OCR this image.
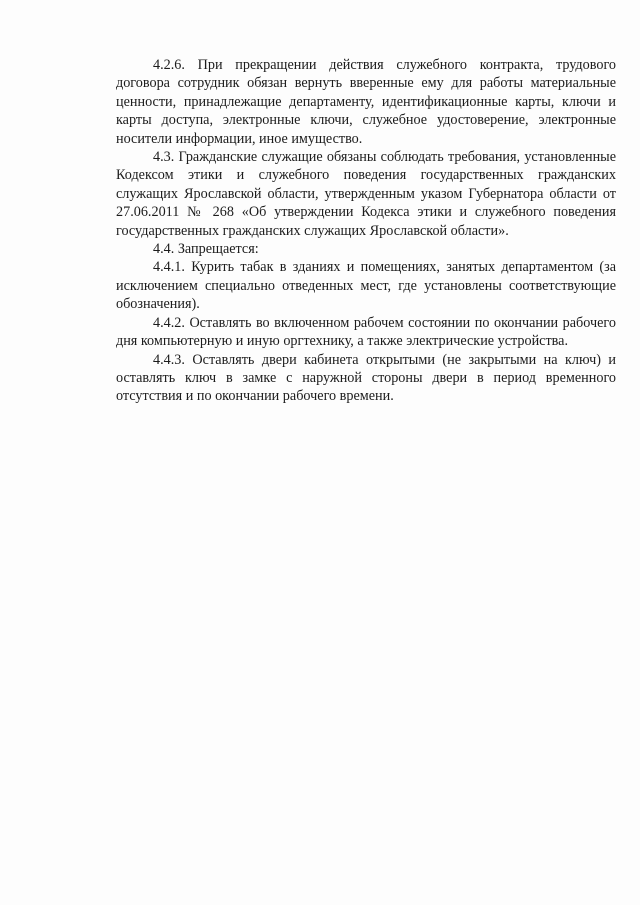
4.2.6. При прекращении действия служебного контракта, трудового договора сотрудник обязан вернуть вверенные ему для работы материальные ценности, принадлежащие департаменту, идентификационные карты, ключи и карты доступа, электронные ключи, служебное удостоверение, электронные носители информации, иное имущество.

4.3. Гражданские служащие обязаны соблюдать требования, установленные Кодексом этики и служебного поведения государственных гражданских служащих Ярославской области, утвержденным указом Губернатора области от 27.06.2011 № 268 «Об утверждении Кодекса этики и служебного поведения государственных гражданских служащих Ярославской области».

4.4. Запрещается:

4.4.1. Курить табак в зданиях и помещениях, занятых департаментом (за исключением специально отведенных мест, где установлены соответствующие обозначения).

4.4.2. Оставлять во включенном рабочем состоянии по окончании рабочего дня компьютерную и иную оргтехнику, а также электрические устройства.

4.4.3. Оставлять двери кабинета открытыми (не закрытыми на ключ) и оставлять ключ в замке с наружной стороны двери в период временного отсутствия и по окончании рабочего времени.
